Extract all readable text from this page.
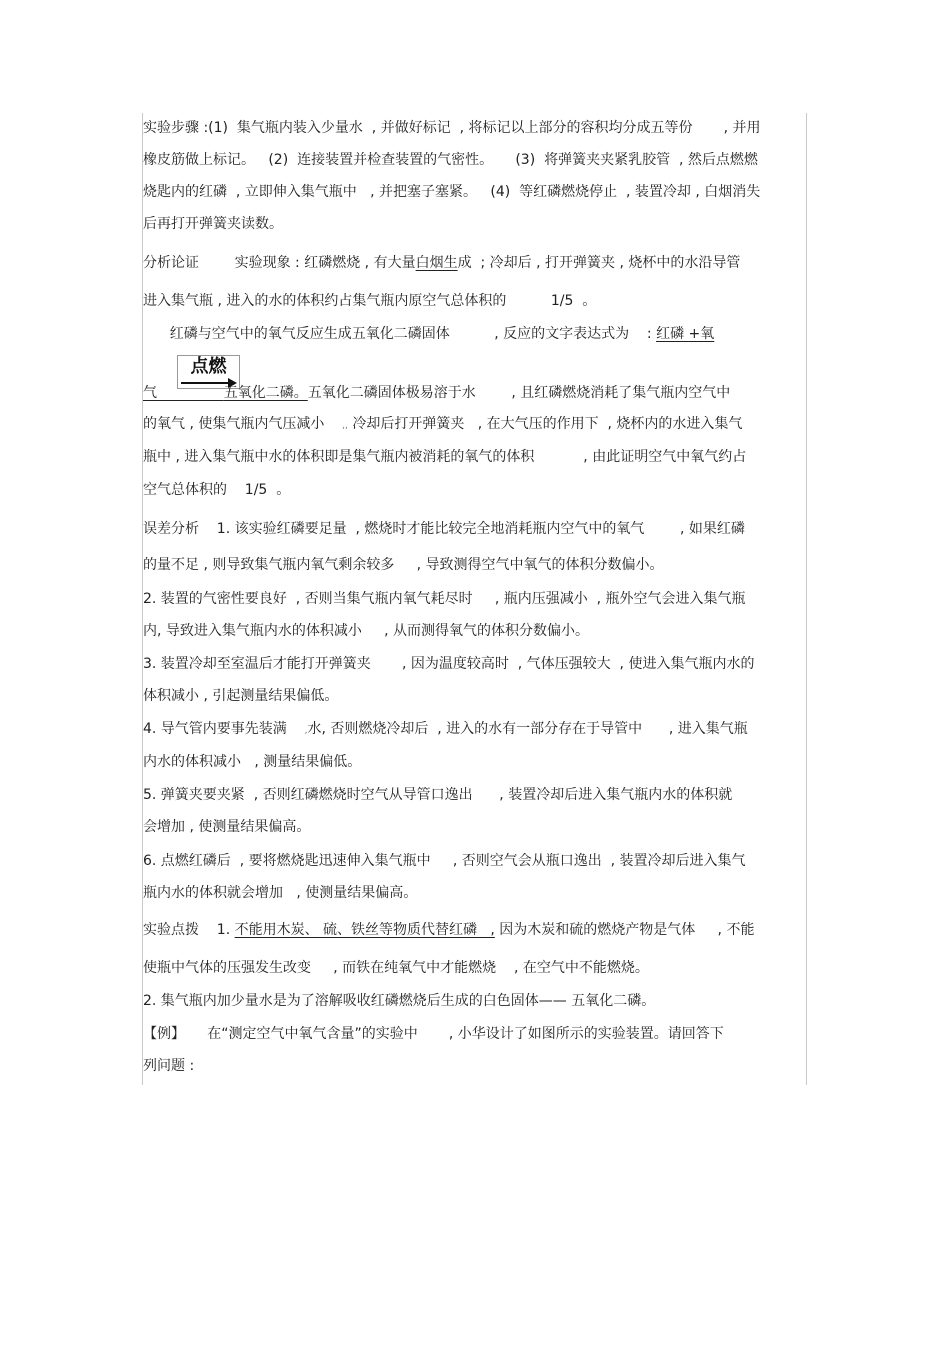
实验步骤 :(1)  集气瓶内装入少量水  , 并做好标记  , 将标记以上部分的容积均分成五等份       , 并用
橡皮筋做上标记。   (2)  连接装置并检查装置的气密性。     (3)  将弹簧夹夹紧乳胶管  , 然后点燃燃
烧匙内的红磷  , 立即伸入集气瓶中   , 并把塞子塞紧。   (4)  等红磷燃烧停止  , 装置冷却 , 白烟消失
后再打开弹簧夹读数。
分析论证        实验现象 : 红磷燃烧 , 有大量白烟生成  ; 冷却后 , 打开弹簧夹 , 烧杯中的水沿导管
进入集气瓶 , 进入的水的体积约占集气瓶内原空气总体积的          1/5  。
红磷与空气中的氧气反应生成五氧化二磷固体          , 反应的文字表达式为    : 红磷 +氧
点燃
气               五氧化二磷。五氧化二磷固体极易溶于水        , 且红磷燃烧消耗了集气瓶内空气中
的氧气 , 使集气瓶内气压减小    ,, 冷却后打开弹簧夹   , 在大气压的作用下  , 烧杯内的水进入集气
瓶中 , 进入集气瓶中水的体积即是集气瓶内被消耗的氧气的体积           , 由此证明空气中氧气约占
空气总体积的    1/5  。
误差分析    1. 该实验红磷要足量  , 燃烧时才能比较完全地消耗瓶内空气中的氧气        , 如果红磷
的量不足 , 则导致集气瓶内氧气剩余较多     , 导致测得空气中氧气的体积分数偏小。
2. 装置的气密性要良好  , 否则当集气瓶内氧气耗尽时     , 瓶内压强减小  , 瓶外空气会进入集气瓶
内, 导致进入集气瓶内水的体积减小     , 从而测得氧气的体积分数偏小。
3. 装置冷却至室温后才能打开弹簧夹       , 因为温度较高时  , 气体压强较大  , 使进入集气瓶内水的
体积减小 , 引起测量结果偏低。
4. 导气管内要事先装满    ,水, 否则燃烧冷却后  , 进入的水有一部分存在于导管中      , 进入集气瓶
内水的体积减小   , 测量结果偏低。
5. 弹簧夹要夹紧  , 否则红磷燃烧时空气从导管口逸出      , 装置冷却后进入集气瓶内水的体积就
会增加 , 使测量结果偏高。
6. 点燃红磷后  , 要将燃烧匙迅速伸入集气瓶中     , 否则空气会从瓶口逸出  , 装置冷却后进入集气
瓶内水的体积就会增加   , 使测量结果偏高。
实验点拨    1. 不能用木炭、 硫、铁丝等物质代替红磷   , 因为木炭和硫的燃烧产物是气体     , 不能
使瓶中气体的压强发生改变     , 而铁在纯氧气中才能燃烧    , 在空气中不能燃烧。
2. 集气瓶内加少量水是为了溶解吸收红磷燃烧后生成的白色固体—— 五氧化二磷。
【例】     在“测定空气中氧气含量”的实验中       , 小华设计了如图所示的实验装置。请回答下
列问题 :
